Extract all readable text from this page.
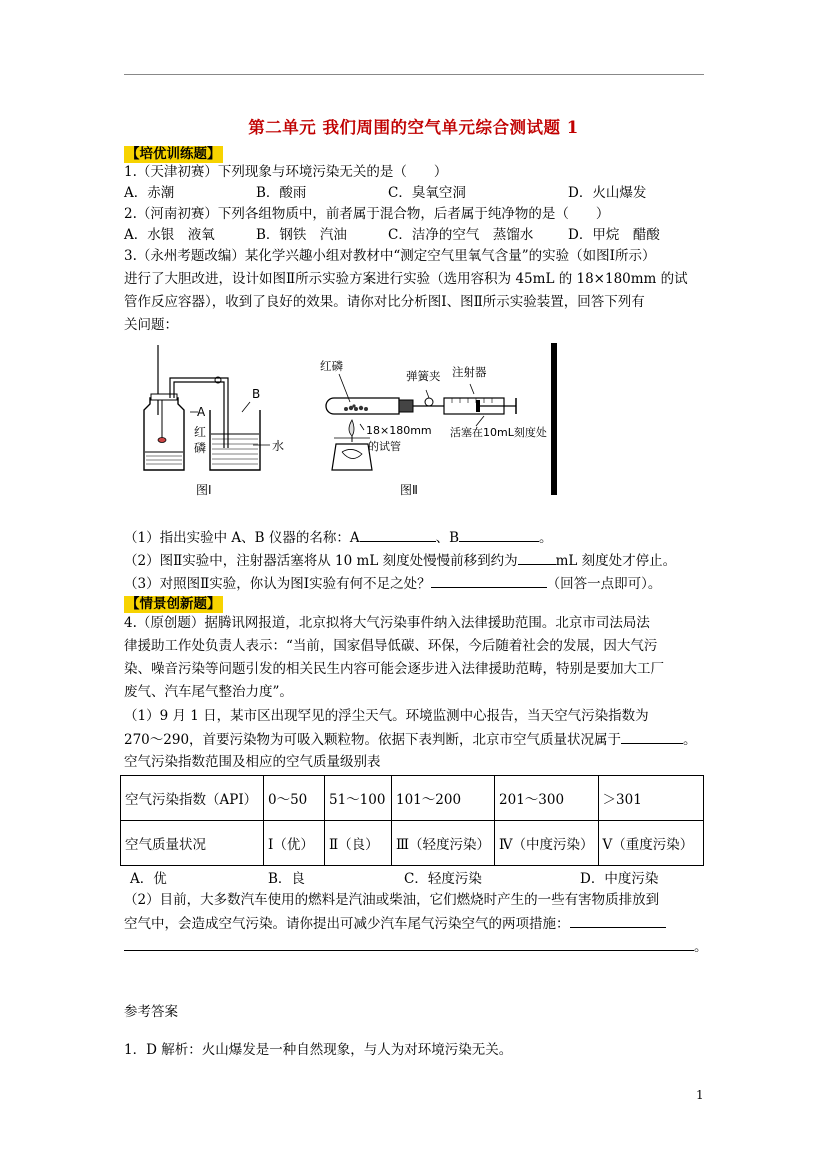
第二单元 我们周围的空气单元综合测试题 1
【培优训练题】
1.（天津初赛）下列现象与环境污染无关的是（　　）
A．赤潮	B．酸雨	C．臭氧空洞	D．火山爆发
2.（河南初赛）下列各组物质中，前者属于混合物，后者属于纯净物的是（　　）
A．水银　液氧	B．钢铁　汽油	C．洁净的空气　蒸馏水	D．甲烷　醋酸
3.（永州考题改编）某化学兴趣小组对教材中“测定空气里氧气含量”的实验（如图Ⅰ所示）
进行了大胆改进，设计如图Ⅱ所示实验方案进行实验（选用容积为 45mL 的 18×180mm 的试
管作反应容器），收到了良好的效果。请你对比分析图Ⅰ、图Ⅱ所示实验装置，回答下列有
关问题：
A
B
红
磷	水
图Ⅰ
红磷
弹簧夹 注射器
18×180mm
的试管
活塞在10mL刻度处
图Ⅱ
（1）指出实验中 A、B 仪器的名称：A	、B	。
（2）图Ⅱ实验中，注射器活塞将从 10 mL 刻度处慢慢前移到约为	mL 刻度处才停止。
（3）对照图Ⅱ实验，你认为图Ⅰ实验有何不足之处？	（回答一点即可）。
【情景创新题】
4.（原创题）据腾讯网报道，北京拟将大气污染事件纳入法律援助范围。北京市司法局法
律援助工作处负责人表示：“当前，国家倡导低碳、环保，今后随着社会的发展，因大气污
染、噪音污染等问题引发的相关民生内容可能会逐步进入法律援助范畴，特别是要加大工厂
废气、汽车尾气整治力度”。
（1）9 月 1 日，某市区出现罕见的浮尘天气。环境监测中心报告，当天空气污染指数为
270～290，首要污染物为可吸入颗粒物。依据下表判断，北京市空气质量状况属于	。
空气污染指数范围及相应的空气质量级别表
空气污染指数（API）	0～50	51～100	101～200	201～300	＞301
空气质量状况	Ⅰ（优）	Ⅱ（良）	Ⅲ（轻度污染）	Ⅳ（中度污染）	Ⅴ（重度污染）
A．优	B．良	C．轻度污染	D．中度污染
（2）目前，大多数汽车使用的燃料是汽油或柴油，它们燃烧时产生的一些有害物质排放到
空气中，会造成空气污染。请你提出可减少汽车尾气污染空气的两项措施：
。
参考答案
1．D 解析：火山爆发是一种自然现象，与人为对环境污染无关。
1
